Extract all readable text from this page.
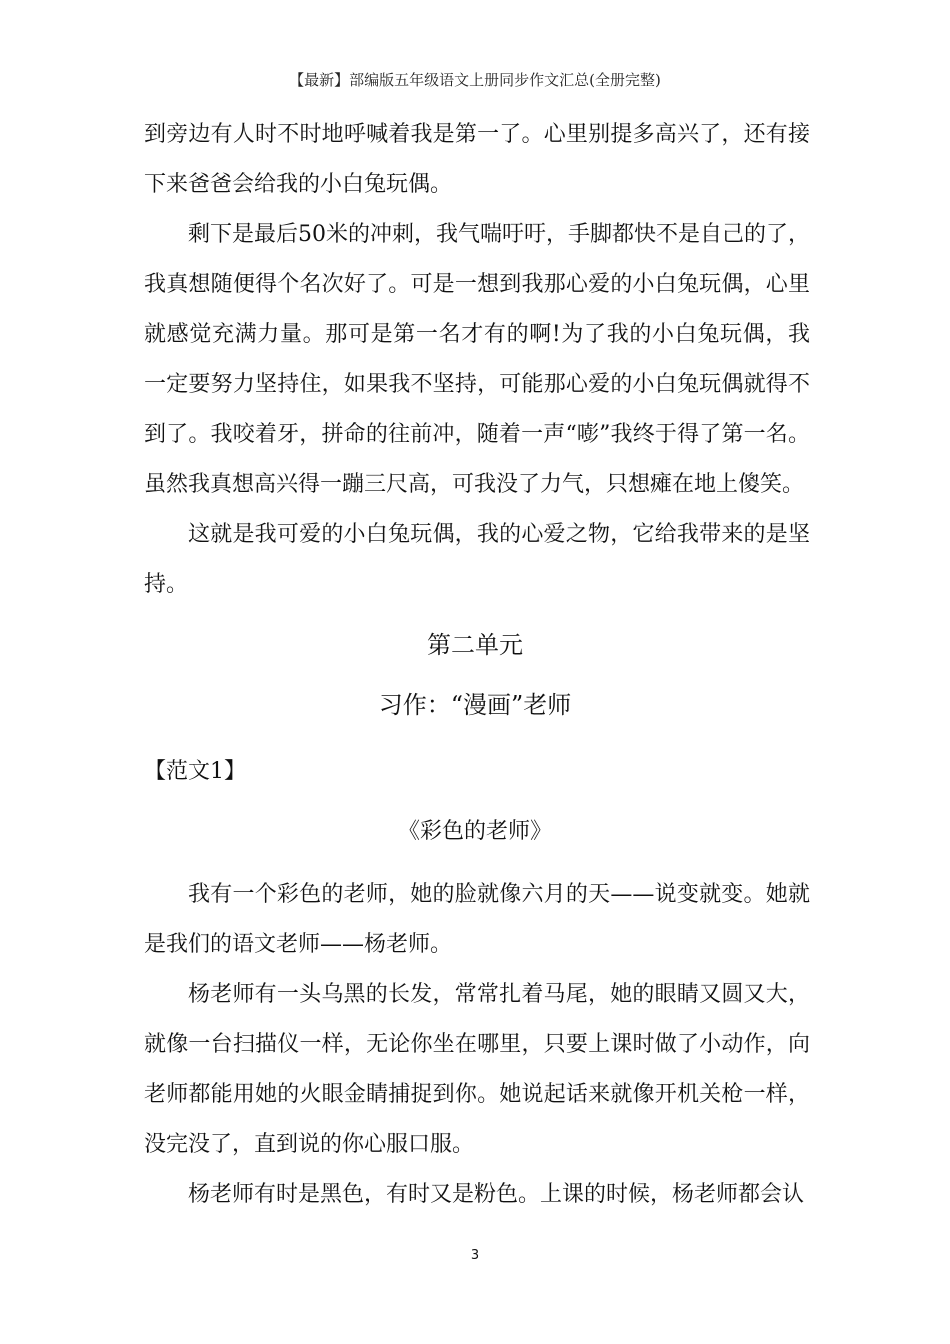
【最新】部编版五年级语文上册同步作文汇总(全册完整)

到旁边有人时不时地呼喊着我是第一了。心里别提多高兴了，还有接下来爸爸会给我的小白兔玩偶。

剩下是最后50米的冲刺，我气喘吁吁，手脚都快不是自己的了，我真想随便得个名次好了。可是一想到我那心爱的小白兔玩偶，心里就感觉充满力量。那可是第一名才有的啊!为了我的小白兔玩偶，我一定要努力坚持住，如果我不坚持，可能那心爱的小白兔玩偶就得不到了。我咬着牙，拼命的往前冲，随着一声“嘭”我终于得了第一名。虽然我真想高兴得一蹦三尺高，可我没了力气，只想瘫在地上傻笑。

这就是我可爱的小白兔玩偶，我的心爱之物，它给我带来的是坚持。

第二单元
习作：“漫画”老师

【范文1】

《彩色的老师》

我有一个彩色的老师，她的脸就像六月的天——说变就变。她就是我们的语文老师——杨老师。

杨老师有一头乌黑的长发，常常扎着马尾，她的眼睛又圆又大，就像一台扫描仪一样，无论你坐在哪里，只要上课时做了小动作，向老师都能用她的火眼金睛捕捉到你。她说起话来就像开机关枪一样，没完没了，直到说的你心服口服。

杨老师有时是黑色，有时又是粉色。上课的时候，杨老师都会认

3
